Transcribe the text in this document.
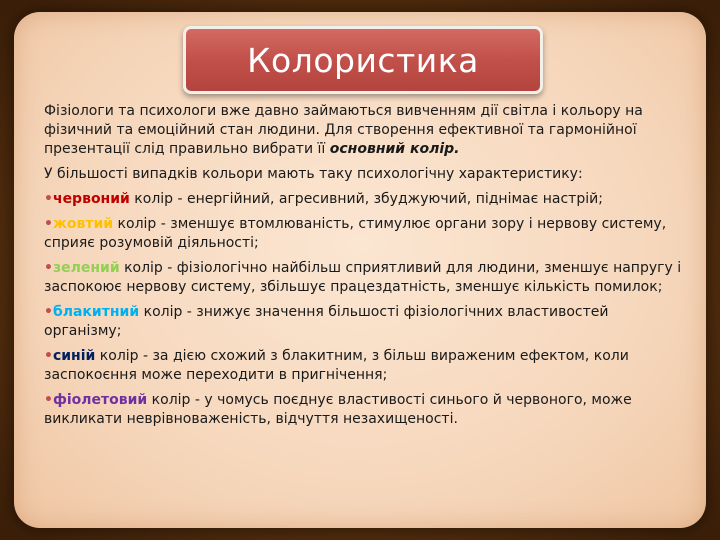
Колористика

Фізіологи та психологи вже давно займаються вивченням дії світла і кольору на фізичний та емоційний стан людини. Для створення ефективної та гармонійної презентації слід правильно вибрати її основний колір.

У більшості випадків кольори мають таку психологічну характеристику:

•червоний колір - енергійний, агресивний, збуджуючий, піднімає настрій;

•жовтий колір - зменшує втомлюваність, стимулює органи зору і нервову систему, сприяє розумовій діяльності;

•зелений колір - фізіологічно найбільш сприятливий для людини, зменшує напругу і заспокоює нервову систему, збільшує працездатність, зменшує кількість помилок;

•блакитний колір - знижує значення більшості фізіологічних властивостей організму;

•синій колір - за дією схожий з блакитним, з більш вираженим ефектом, коли заспокоєння може переходити в пригнічення;

•фіолетовий колір - у чомусь поєднує властивості синього й червоного, може викликати неврівноваженість, відчуття незахищеності.
